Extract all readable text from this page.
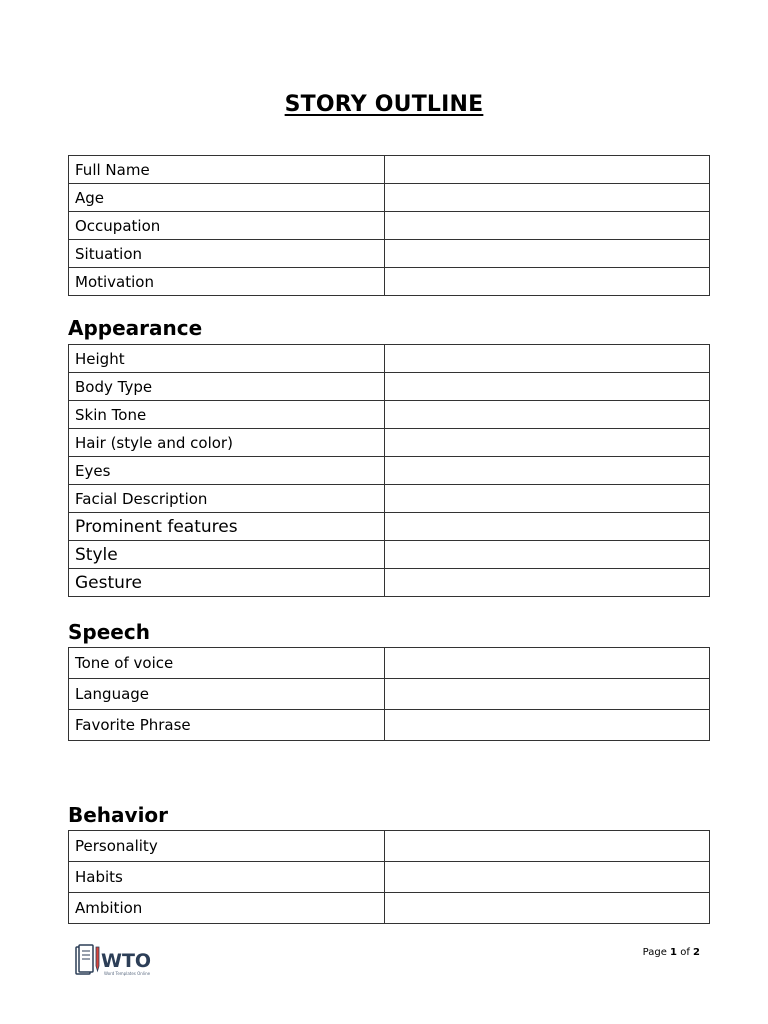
STORY OUTLINE
Full Name	
Age	
Occupation	
Situation	
Motivation	
Appearance
Height	
Body Type	
Skin Tone	
Hair (style and color)	
Eyes	
Facial Description	
Prominent features	
Style	
Gesture	
Speech
Tone of voice	
Language	
Favorite Phrase	
Behavior
Personality	
Habits	
Ambition	
WTO
Word Templates Online
Page 1 of 2
